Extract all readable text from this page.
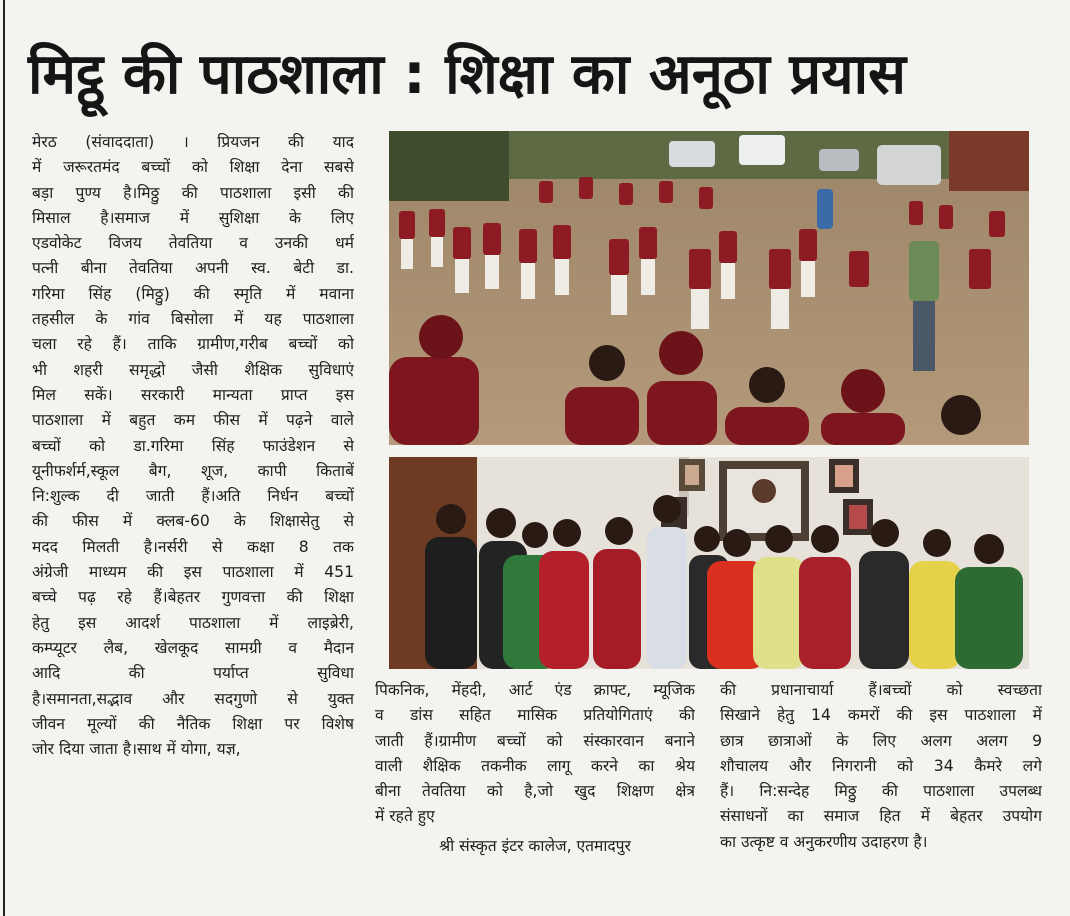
मिट्ठू की पाठशाला : शिक्षा का अनूठा प्रयास
मेरठ (संवाददाता) । प्रियजन की याद
में जरूरतमंद बच्चों को शिक्षा देना सबसे
बड़ा पुण्य है।मिठ्ठु की पाठशाला इसी की
मिसाल है।समाज में सुशिक्षा के लिए
एडवोकेट विजय तेवतिया व उनकी धर्म
पत्नी बीना तेवतिया अपनी स्व. बेटी डा.
गरिमा सिंह (मिठ्ठु) की स्मृति में मवाना
तहसील के गांव बिसोला में यह पाठशाला
चला रहे हैं। ताकि ग्रामीण,गरीब बच्चों को
भी शहरी समृद्धो जैसी शैक्षिक सुविधाएं
मिल सकें। सरकारी मान्यता प्राप्त इस
पाठशाला में बहुत कम फीस में पढ़ने वाले
बच्चों को डा.गरिमा सिंह फाउंडेशन से
यूनीफर्शर्म,स्कूल बैग, शूज, कापी किताबें
नि:शुल्क दी जाती हैं।अति निर्धन बच्चों
की फीस में क्लब-60 के शिक्षासेतु से
मदद मिलती है।नर्सरी से कक्षा 8 तक
अंग्रेजी माध्यम की इस पाठशाला में 451
बच्चे पढ़ रहे हैं।बेहतर गुणवत्ता की शिक्षा
हेतु इस आदर्श पाठशाला में लाइब्रेरी,
कम्प्यूटर लैब, खेलकूद सामग्री व मैदान
आदि की पर्याप्त सुविधा
है।समानता,सद्भाव और सदगुणो से युक्त
जीवन मूल्यों की नैतिक शिक्षा पर विशेष
जोर दिया जाता है।साथ में योगा, यज्ञ,
पिकनिक, मेंहदी, आर्ट एंड क्राफ्ट, म्यूजिक
व डांस सहित मासिक प्रतियोगिताएं की
जाती हैं।ग्रामीण बच्चों को संस्कारवान बनाने
वाली शैक्षिक तकनीक लागू करने का श्रेय
बीना तेवतिया को है,जो खुद शिक्षण क्षेत्र
में रहते हुए
श्री संस्कृत इंटर कालेज, एतमादपुर
की प्रधानाचार्या हैं।बच्चों को स्वच्छता
सिखाने हेतु 14 कमरों की इस पाठशाला में
छात्र छात्राओं के लिए अलग अलग 9
शौचालय और निगरानी को 34 कैमरे लगे
हैं। नि:सन्देह मिठ्ठु की पाठशाला उपलब्ध
संसाधनों का समाज हित में बेहतर उपयोग
का उत्कृष्ट व अनुकरणीय उदाहरण है।
